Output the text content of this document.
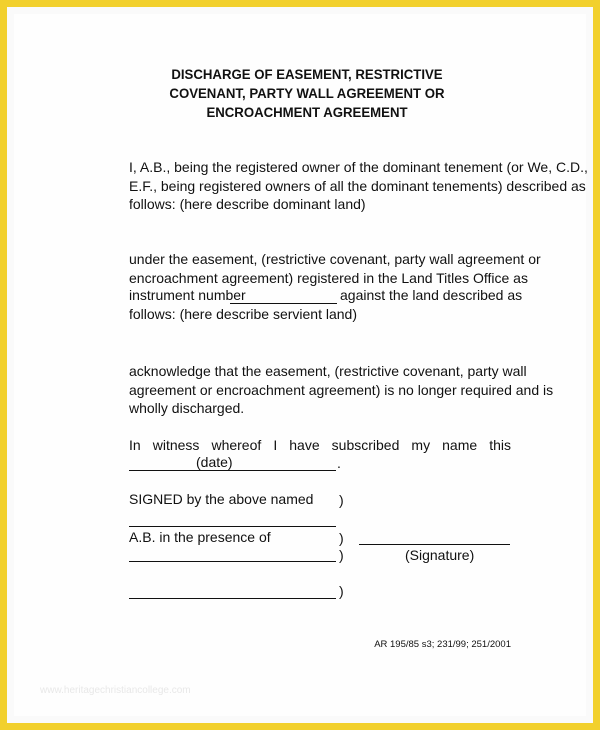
DISCHARGE OF EASEMENT, RESTRICTIVE
COVENANT, PARTY WALL AGREEMENT OR
ENCROACHMENT AGREEMENT
I, A.B., being the registered owner of the dominant tenement (or We, C.D.,
E.F., being registered owners of all the dominant tenements) described as
follows: (here describe dominant land)
under the easement, (restrictive covenant, party wall agreement or
encroachment agreement) registered in the Land Titles Office as
instrument number	against the land described as
follows: (here describe servient land)
acknowledge that the easement, (restrictive covenant, party wall
agreement or encroachment agreement) is no longer required and is
wholly discharged.
In witness whereof I have subscribed my name this
(date)	.
SIGNED by the above named )
A.B. in the presence of	)
)	(Signature)
)
AR 195/85 s3; 231/99; 251/2001
www.heritagechristiancollege.com
